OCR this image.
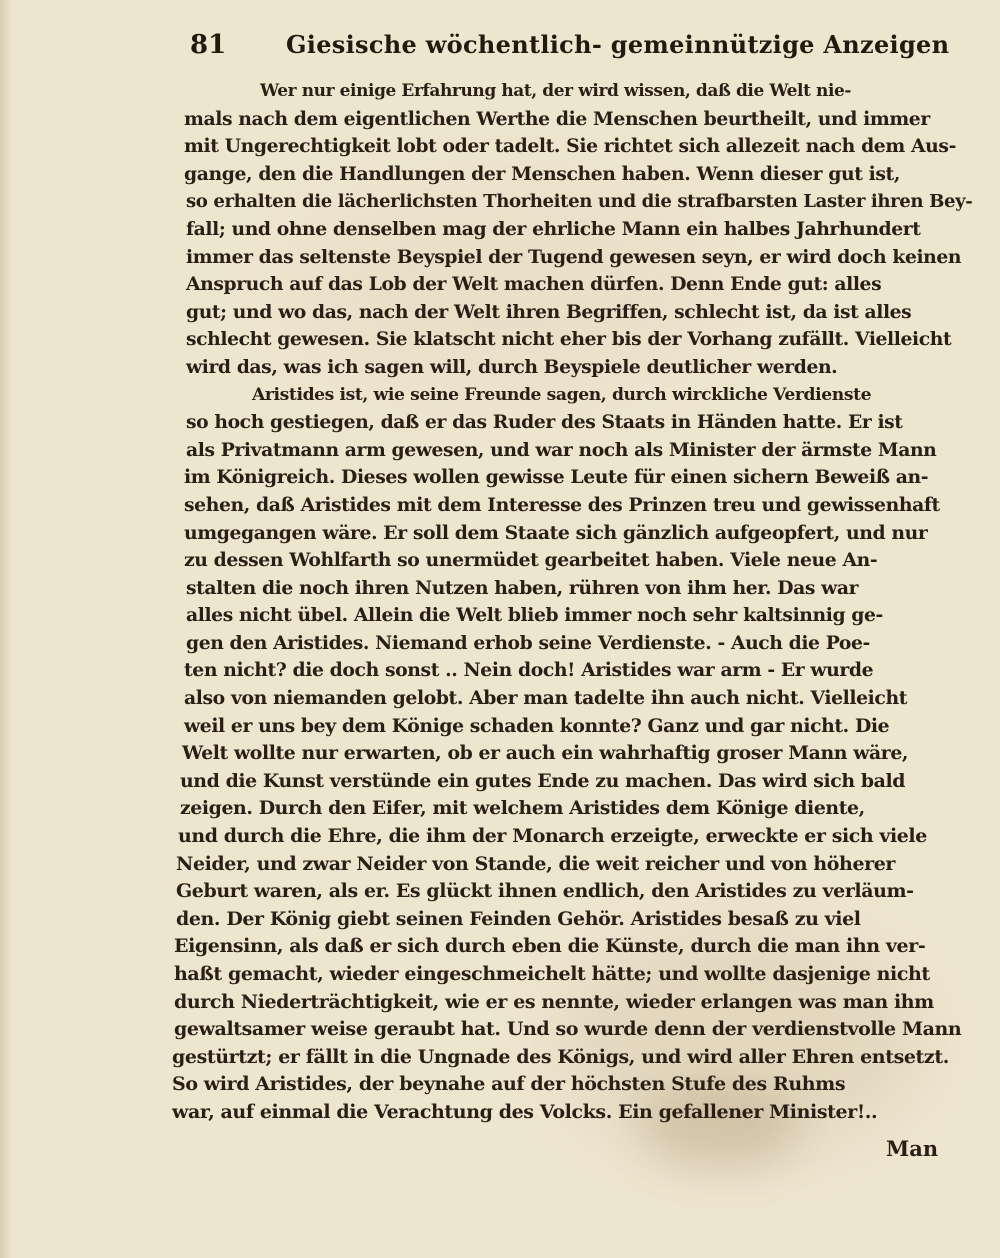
81 Giesische wöchentlich- gemeinnützige Anzeigen
Wer nur einige Erfahrung hat, der wird wissen, daß die Welt nie-
mals nach dem eigentlichen Werthe die Menschen beurtheilt, und immer
mit Ungerechtigkeit lobt oder tadelt. Sie richtet sich allezeit nach dem Aus-
gange, den die Handlungen der Menschen haben. Wenn dieser gut ist,
so erhalten die lächerlichsten Thorheiten und die strafbarsten Laster ihren Bey-
fall; und ohne denselben mag der ehrliche Mann ein halbes Jahrhundert
immer das seltenste Beyspiel der Tugend gewesen seyn, er wird doch keinen
Anspruch auf das Lob der Welt machen dürfen. Denn Ende gut: alles
gut; und wo das, nach der Welt ihren Begriffen, schlecht ist, da ist alles
schlecht gewesen. Sie klatscht nicht eher bis der Vorhang zufällt. Vielleicht
wird das, was ich sagen will, durch Beyspiele deutlicher werden.
Aristides ist, wie seine Freunde sagen, durch wirckliche Verdienste
so hoch gestiegen, daß er das Ruder des Staats in Händen hatte. Er ist
als Privatmann arm gewesen, und war noch als Minister der ärmste Mann
im Königreich. Dieses wollen gewisse Leute für einen sichern Beweiß an-
sehen, daß Aristides mit dem Interesse des Prinzen treu und gewissenhaft
umgegangen wäre. Er soll dem Staate sich gänzlich aufgeopfert, und nur
zu dessen Wohlfarth so unermüdet gearbeitet haben. Viele neue An-
stalten die noch ihren Nutzen haben, rühren von ihm her. Das war
alles nicht übel. Allein die Welt blieb immer noch sehr kaltsinnig ge-
gen den Aristides. Niemand erhob seine Verdienste. - Auch die Poe-
ten nicht? die doch sonst .. Nein doch! Aristides war arm - Er wurde
also von niemanden gelobt. Aber man tadelte ihn auch nicht. Vielleicht
weil er uns bey dem Könige schaden konnte? Ganz und gar nicht. Die
Welt wollte nur erwarten, ob er auch ein wahrhaftig groser Mann wäre,
und die Kunst verstünde ein gutes Ende zu machen. Das wird sich bald
zeigen. Durch den Eifer, mit welchem Aristides dem Könige diente,
und durch die Ehre, die ihm der Monarch erzeigte, erweckte er sich viele
Neider, und zwar Neider von Stande, die weit reicher und von höherer
Geburt waren, als er. Es glückt ihnen endlich, den Aristides zu verläum-
den. Der König giebt seinen Feinden Gehör. Aristides besaß zu viel
Eigensinn, als daß er sich durch eben die Künste, durch die man ihn ver-
haßt gemacht, wieder eingeschmeichelt hätte; und wollte dasjenige nicht
durch Niederträchtigkeit, wie er es nennte, wieder erlangen was man ihm
gewaltsamer weise geraubt hat. Und so wurde denn der verdienstvolle Mann
gestürtzt; er fällt in die Ungnade des Königs, und wird aller Ehren entsetzt.
So wird Aristides, der beynahe auf der höchsten Stufe des Ruhms
war, auf einmal die Verachtung des Volcks. Ein gefallener Minister!..
Man
